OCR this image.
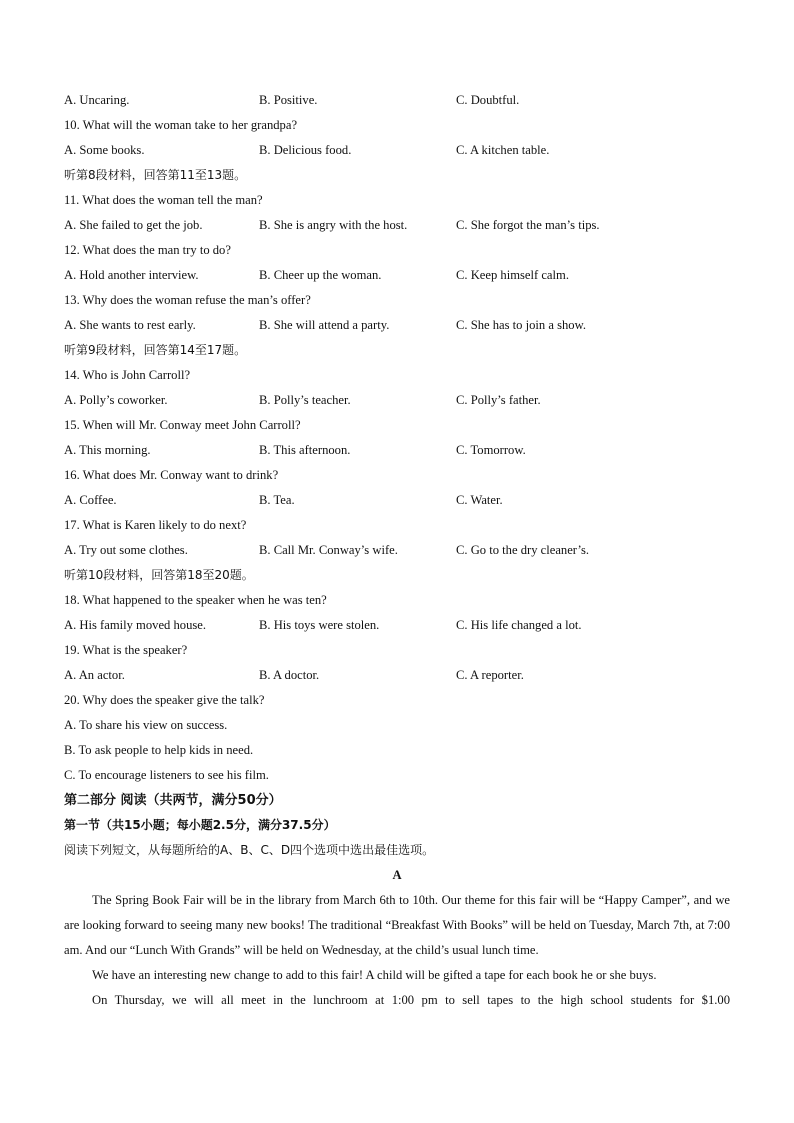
A. Uncaring.	B. Positive.	C. Doubtful.
10. What will the woman take to her grandpa?
A. Some books.	B. Delicious food.	C. A kitchen table.
听第8段材料，回答第11至13题。
11. What does the woman tell the man?
A. She failed to get the job.	B. She is angry with the host.	C. She forgot the man’s tips.
12. What does the man try to do?
A. Hold another interview.	B. Cheer up the woman.	C. Keep himself calm.
13. Why does the woman refuse the man’s offer?
A. She wants to rest early.	B. She will attend a party.	C. She has to join a show.
听第9段材料，回答第14至17题。
14. Who is John Carroll?
A. Polly’s coworker.	B. Polly’s teacher.	C. Polly’s father.
15. When will Mr. Conway meet John Carroll?
A. This morning.	B. This afternoon.	C. Tomorrow.
16. What does Mr. Conway want to drink?
A. Coffee.	B. Tea.	C. Water.
17. What is Karen likely to do next?
A. Try out some clothes.	B. Call Mr. Conway’s wife.	C. Go to the dry cleaner’s.
听第10段材料，回答第18至20题。
18. What happened to the speaker when he was ten?
A. His family moved house.	B. His toys were stolen.	C. His life changed a lot.
19. What is the speaker?
A. An actor.	B. A doctor.	C. A reporter.
20. Why does the speaker give the talk?
A. To share his view on success.
B. To ask people to help kids in need.
C. To encourage listeners to see his film.
第二部分 阅读（共两节，满分50分）
第一节（共15小题；每小题2.5分，满分37.5分）
阅读下列短文，从每题所给的A、B、C、D四个选项中选出最佳选项。
A

The Spring Book Fair will be in the library from March 6th to 10th. Our theme for this fair will be “Happy Camper”, and we are looking forward to seeing many new books! The traditional “Breakfast With Books” will be held on Tuesday, March 7th, at 7:00 am. And our “Lunch With Grands” will be held on Wednesday, at the child’s usual lunch time.

We have an interesting new change to add to this fair! A child will be gifted a tape for each book he or she buys.

On Thursday, we will all meet in the lunchroom at 1:00 pm to sell tapes to the high school students for $1.00
